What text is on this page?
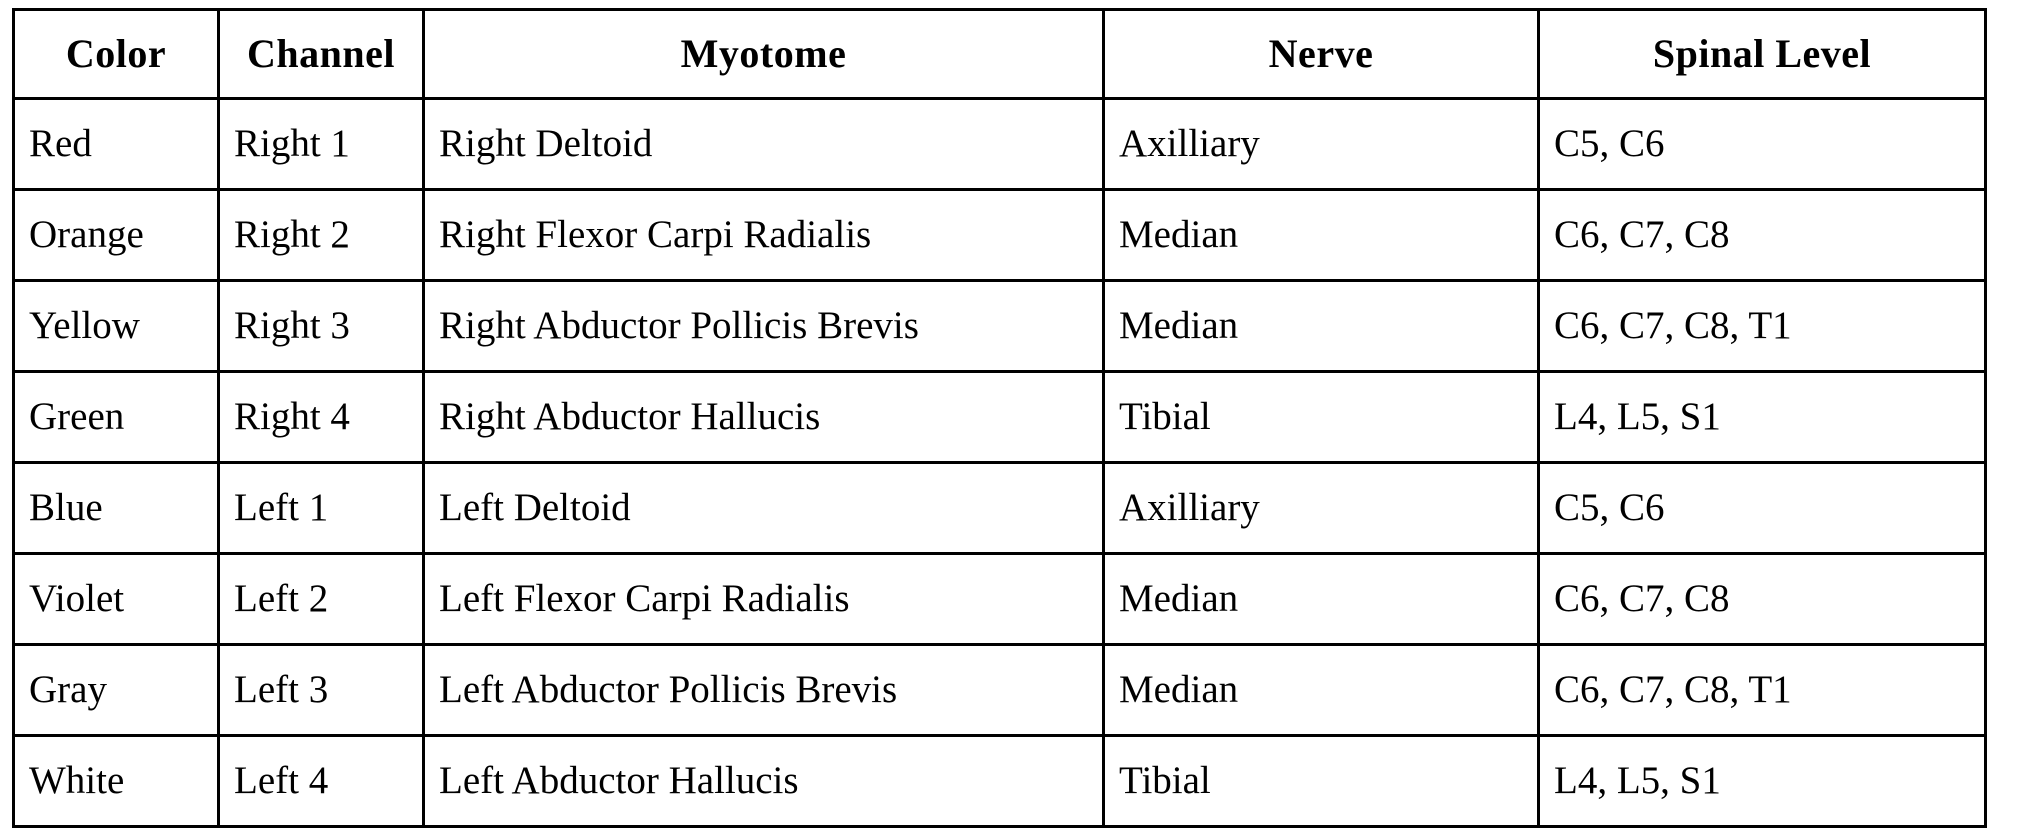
Color	Channel	Myotome	Nerve	Spinal Level

Red	Right 1	Right Deltoid	Axilliary	C5, C6

Orange	Right 2	Right Flexor Carpi Radialis	Median	C6, C7, C8

Yellow	Right 3	Right Abductor Pollicis Brevis	Median	C6, C7, C8, T1

Green	Right 4	Right Abductor Hallucis	Tibial	L4, L5, S1

Blue	Left 1	Left Deltoid	Axilliary	C5, C6

Violet	Left 2	Left Flexor Carpi Radialis	Median	C6, C7, C8

Gray	Left 3	Left Abductor Pollicis Brevis	Median	C6, C7, C8, T1

White	Left 4	Left Abductor Hallucis	Tibial	L4, L5, S1
